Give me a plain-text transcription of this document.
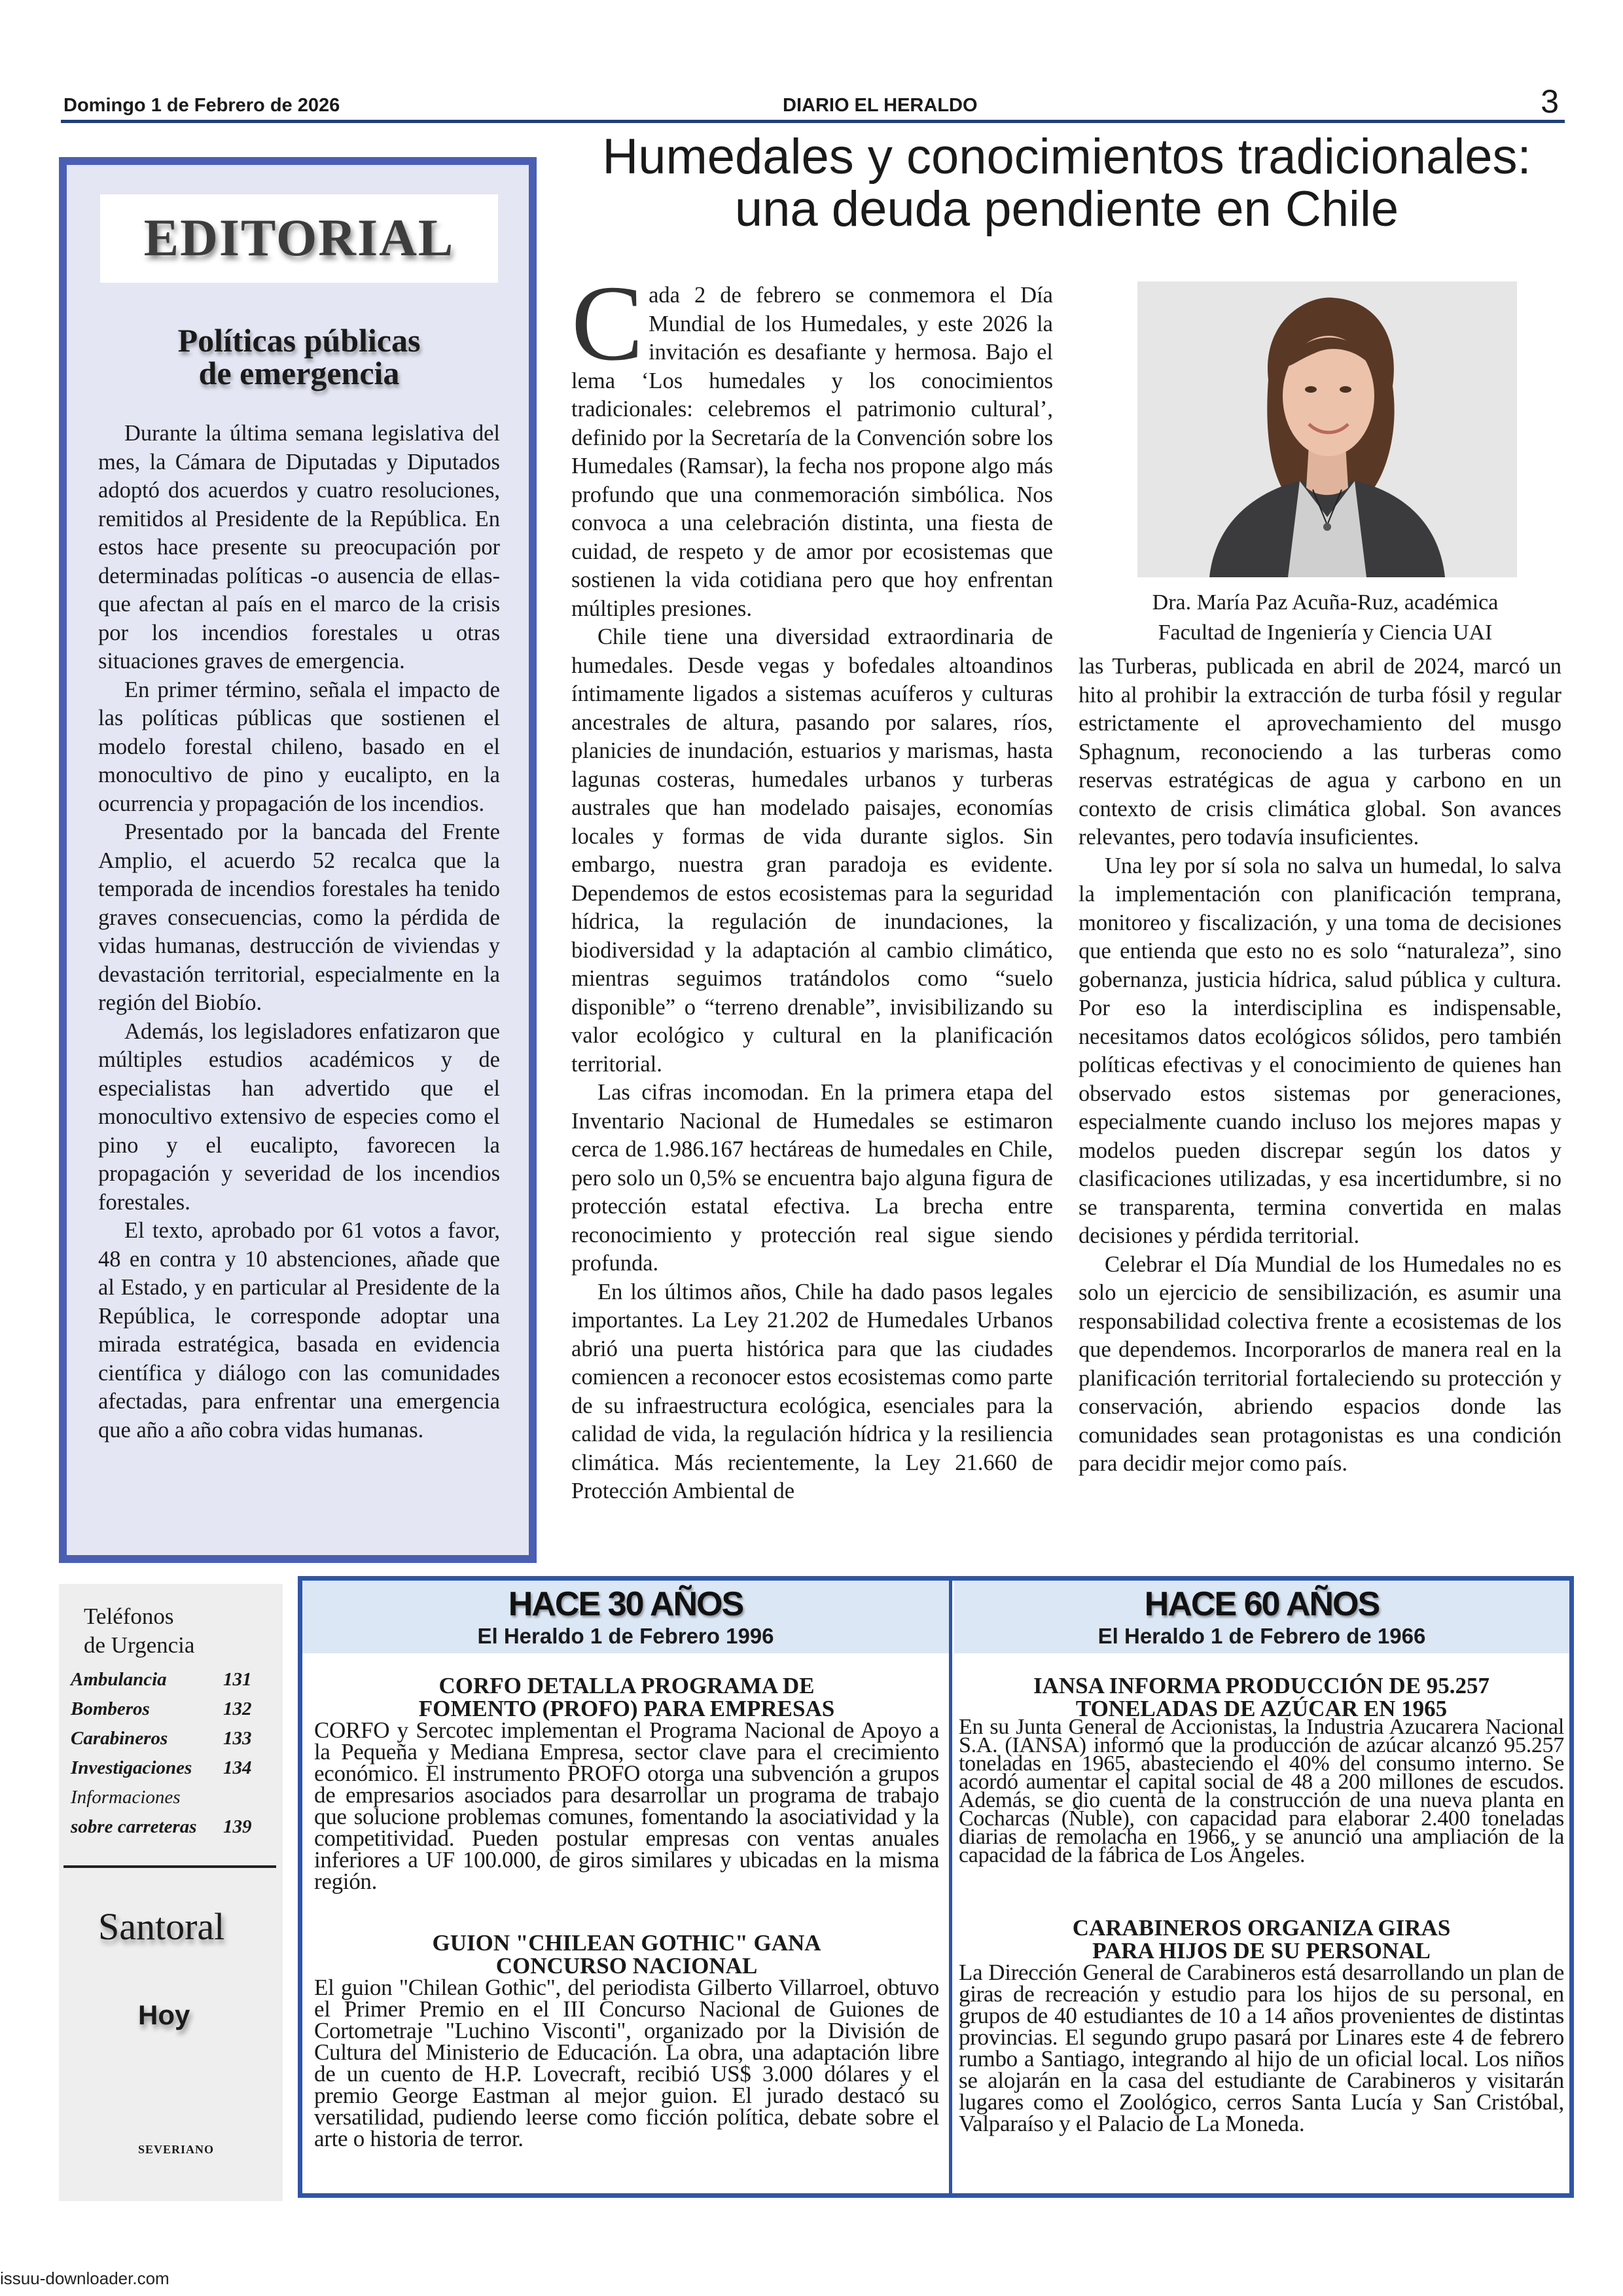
Domingo 1 de Febrero de 2026	DIARIO EL HERALDO	3
EDITORIAL
Políticas públicas
de emergencia

Durante la última semana legislativa del mes, la Cámara de Diputadas y Diputados adoptó dos acuerdos y cuatro resoluciones, remitidos al Presidente de la República. En estos hace presente su preocupación por determinadas políticas -o ausencia de ellas- que afectan al país en el marco de la crisis por los incendios forestales u otras situaciones graves de emergencia.

En primer término, señala el impacto de las políticas públicas que sostienen el modelo forestal chileno, basado en el monocultivo de pino y eucalipto, en la ocurrencia y propagación de los incendios.

Presentado por la bancada del Frente Amplio, el acuerdo 52 recalca que la temporada de incendios forestales ha tenido graves consecuencias, como la pérdida de vidas humanas, destrucción de viviendas y devastación territorial, especialmente en la región del Biobío.

Además, los legisladores enfatizaron que múltiples estudios académicos y de especialistas han advertido que el monocultivo extensivo de especies como el pino y el eucalipto, favorecen la propagación y severidad de los incendios forestales.

El texto, aprobado por 61 votos a favor, 48 en contra y 10 abstenciones, añade que al Estado, y en particular al Presidente de la República, le corresponde adoptar una mirada estratégica, basada en evidencia científica y diálogo con las comunidades afectadas, para enfrentar una emergencia que año a año cobra vidas humanas.

Humedales y conocimientos tradicionales:
una deuda pendiente en Chile

Cada 2 de febrero se conmemora el Día Mundial de los Humedales, y este 2026 la invitación es desafiante y hermosa. Bajo el lema ‘Los humedales y los conocimientos tradicionales: celebremos el patrimonio cultural’, definido por la Secretaría de la Convención sobre los Humedales (Ramsar), la fecha nos propone algo más profundo que una conmemoración simbólica. Nos convoca a una celebración distinta, una fiesta de cuidad, de respeto y de amor por ecosistemas que sostienen la vida cotidiana pero que hoy enfrentan múltiples presiones.

Chile tiene una diversidad extraordinaria de humedales. Desde vegas y bofedales altoandinos íntimamente ligados a sistemas acuíferos y culturas ancestrales de altura, pasando por salares, ríos, planicies de inundación, estuarios y marismas, hasta lagunas costeras, humedales urbanos y turberas australes que han modelado paisajes, economías locales y formas de vida durante siglos. Sin embargo, nuestra gran paradoja es evidente. Dependemos de estos ecosistemas para la seguridad hídrica, la regulación de inundaciones, la biodiversidad y la adaptación al cambio climático, mientras seguimos tratándolos como “suelo disponible” o “terreno drenable”, invisibilizando su valor ecológico y cultural en la planificación territorial.

Las cifras incomodan. En la primera etapa del Inventario Nacional de Humedales se estimaron cerca de 1.986.167 hectáreas de humedales en Chile, pero solo un 0,5% se encuentra bajo alguna figura de protección estatal efectiva. La brecha entre reconocimiento y protección real sigue siendo profunda.

En los últimos años, Chile ha dado pasos legales importantes. La Ley 21.202 de Humedales Urbanos abrió una puerta histórica para que las ciudades comiencen a reconocer estos ecosistemas como parte de su infraestructura ecológica, esenciales para la calidad de vida, la regulación hídrica y la resiliencia climática. Más recientemente, la Ley 21.660 de Protección Ambiental de

Dra. María Paz Acuña-Ruz, académica
Facultad de Ingeniería y Ciencia UAI

las Turberas, publicada en abril de 2024, marcó un hito al prohibir la extracción de turba fósil y regular estrictamente el aprovechamiento del musgo Sphagnum, reconociendo a las turberas como reservas estratégicas de agua y carbono en un contexto de crisis climática global. Son avances relevantes, pero todavía insuficientes.

Una ley por sí sola no salva un humedal, lo salva la implementación con planificación temprana, monitoreo y fiscalización, y una toma de decisiones que entienda que esto no es solo “naturaleza”, sino gobernanza, justicia hídrica, salud pública y cultura. Por eso la interdisciplina es indispensable, necesitamos datos ecológicos sólidos, pero también políticas efectivas y el conocimiento de quienes han observado estos sistemas por generaciones, especialmente cuando incluso los mejores mapas y modelos pueden discrepar según los datos y clasificaciones utilizadas, y esa incertidumbre, si no se transparenta, termina convertida en malas decisiones y pérdida territorial.

Celebrar el Día Mundial de los Humedales no es solo un ejercicio de sensibilización, es asumir una responsabilidad colectiva frente a ecosistemas de los que dependemos. Incorporarlos de manera real en la planificación territorial fortaleciendo su protección y conservación, abriendo espacios donde las comunidades sean protagonistas es una condición para decidir mejor como país.

Teléfonos
de Urgencia
Ambulancia	131
Bomberos	132
Carabineros	133
Investigaciones 134
Informaciones
sobre carreteras 139
Santoral
Hoy
SEVERIANO
HACE 30 AÑOS
El Heraldo 1 de Febrero 1996
HACE 60 AÑOS
El Heraldo 1 de Febrero de 1966
CORFO DETALLA PROGRAMA DE
FOMENTO (PROFO) PARA EMPRESAS
CORFO y Sercotec implementan el Programa Nacional de Apoyo a la Pequeña y Mediana Empresa, sector clave para el crecimiento económico. El instrumento PROFO otorga una subvención a grupos de empresarios asociados para desarrollar un programa de trabajo que solucione problemas comunes, fomentando la asociatividad y la competitividad. Pueden postular empresas con ventas anuales inferiores a UF 100.000, de giros similares y ubicadas en la misma región.
GUION "CHILEAN GOTHIC" GANA
CONCURSO NACIONAL
El guion "Chilean Gothic", del periodista Gilberto Villarroel, obtuvo el Primer Premio en el III Concurso Nacional de Guiones de Cortometraje "Luchino Visconti", organizado por la División de Cultura del Ministerio de Educación. La obra, una adaptación libre de un cuento de H.P. Lovecraft, recibió US$ 3.000 dólares y el premio George Eastman al mejor guion. El jurado destacó su versatilidad, pudiendo leerse como ficción política, debate sobre el arte o historia de terror.
IANSA INFORMA PRODUCCIÓN DE 95.257
TONELADAS DE AZÚCAR EN 1965
En su Junta General de Accionistas, la Industria Azucarera Nacional S.A. (IANSA) informó que la producción de azúcar alcanzó 95.257 toneladas en 1965, abasteciendo el 40% del consumo interno. Se acordó aumentar el capital social de 48 a 200 millones de escudos. Además, se dio cuenta de la construcción de una nueva planta en Cocharcas (Ñuble), con capacidad para elaborar 2.400 toneladas diarias de remolacha en 1966, y se anunció una ampliación de la capacidad de la fábrica de Los Ángeles.
CARABINEROS ORGANIZA GIRAS
PARA HIJOS DE SU PERSONAL
La Dirección General de Carabineros está desarrollando un plan de giras de recreación y estudio para los hijos de su personal, en grupos de 40 estudiantes de 10 a 14 años provenientes de distintas provincias. El segundo grupo pasará por Linares este 4 de febrero rumbo a Santiago, integrando al hijo de un oficial local. Los niños se alojarán en la casa del estudiante de Carabineros y visitarán lugares como el Zoológico, cerros Santa Lucía y San Cristóbal, Valparaíso y el Palacio de La Moneda.
issuu-downloader.com
